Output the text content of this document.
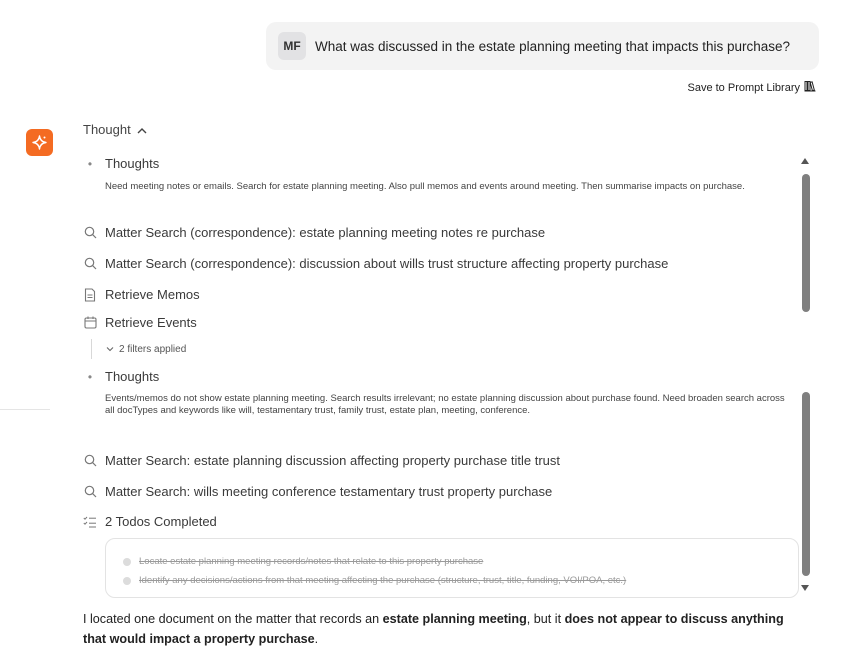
MF	What was discussed in the estate planning meeting that impacts this purchase?
Save to Prompt Library
Thought
• Thoughts
Need meeting notes or emails. Search for estate planning meeting. Also pull memos and events around meeting. Then summarise impacts on purchase.
Matter Search (correspondence): estate planning meeting notes re purchase
Matter Search (correspondence): discussion about wills trust structure affecting property purchase
Retrieve Memos
Retrieve Events
2 filters applied
• Thoughts
Events/memos do not show estate planning meeting. Search results irrelevant; no estate planning discussion about purchase found. Need broaden search across all docTypes and keywords like will, testamentary trust, family trust, estate plan, meeting, conference.
Matter Search: estate planning discussion affecting property purchase title trust
Matter Search: wills meeting conference testamentary trust property purchase
2 Todos Completed
Locate estate planning meeting records/notes that relate to this property purchase
Identify any decisions/actions from that meeting affecting the purchase (structure, trust, title, funding, VOI/POA, etc.)
I located one document on the matter that records an estate planning meeting, but it does not appear to discuss anything that would impact a property purchase.
